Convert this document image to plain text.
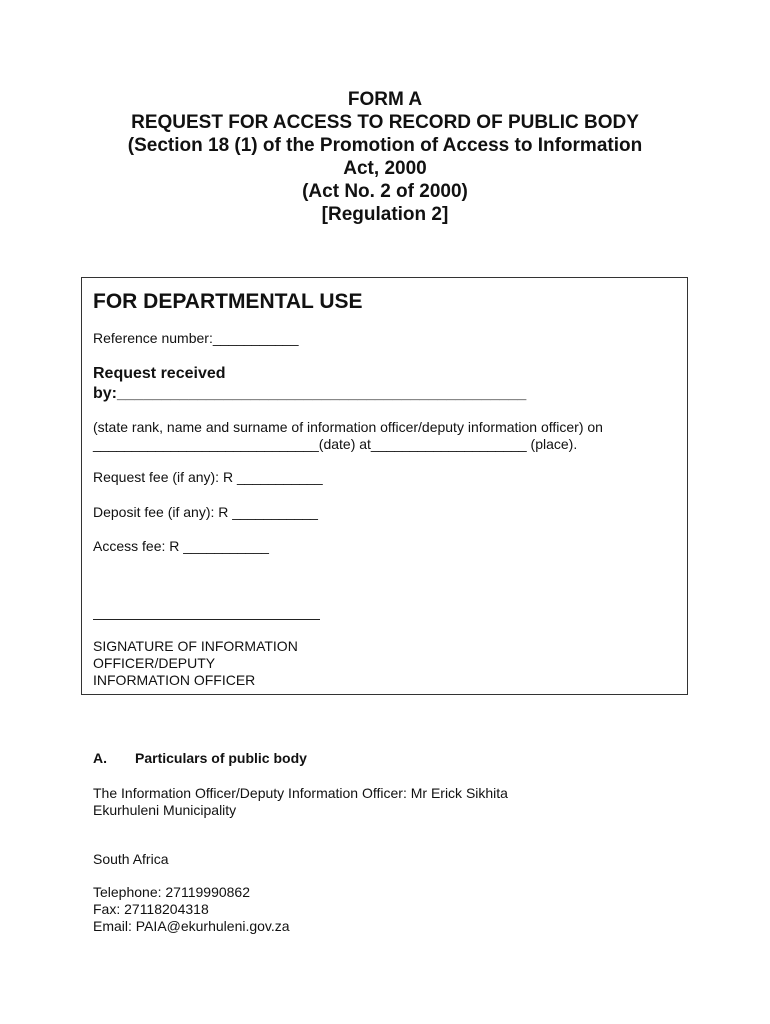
FORM A
REQUEST FOR ACCESS TO RECORD OF PUBLIC BODY
(Section 18 (1) of the Promotion of Access to Information
Act, 2000
(Act No. 2 of 2000)
[Regulation 2]
FOR DEPARTMENTAL USE
Reference number:___________
Request received
by:______________________________________________
(state rank, name and surname of information officer/deputy information officer) on
_____________________________(date) at____________________ (place).
Request fee (if any): R ___________
Deposit fee (if any): R ___________
Access fee: R ___________
SIGNATURE OF INFORMATION
OFFICER/DEPUTY
INFORMATION OFFICER
A. Particulars of public body
The Information Officer/Deputy Information Officer: Mr Erick Sikhita
Ekurhuleni Municipality
South Africa
Telephone: 27119990862
Fax: 27118204318
Email: PAIA@ekurhuleni.gov.za
